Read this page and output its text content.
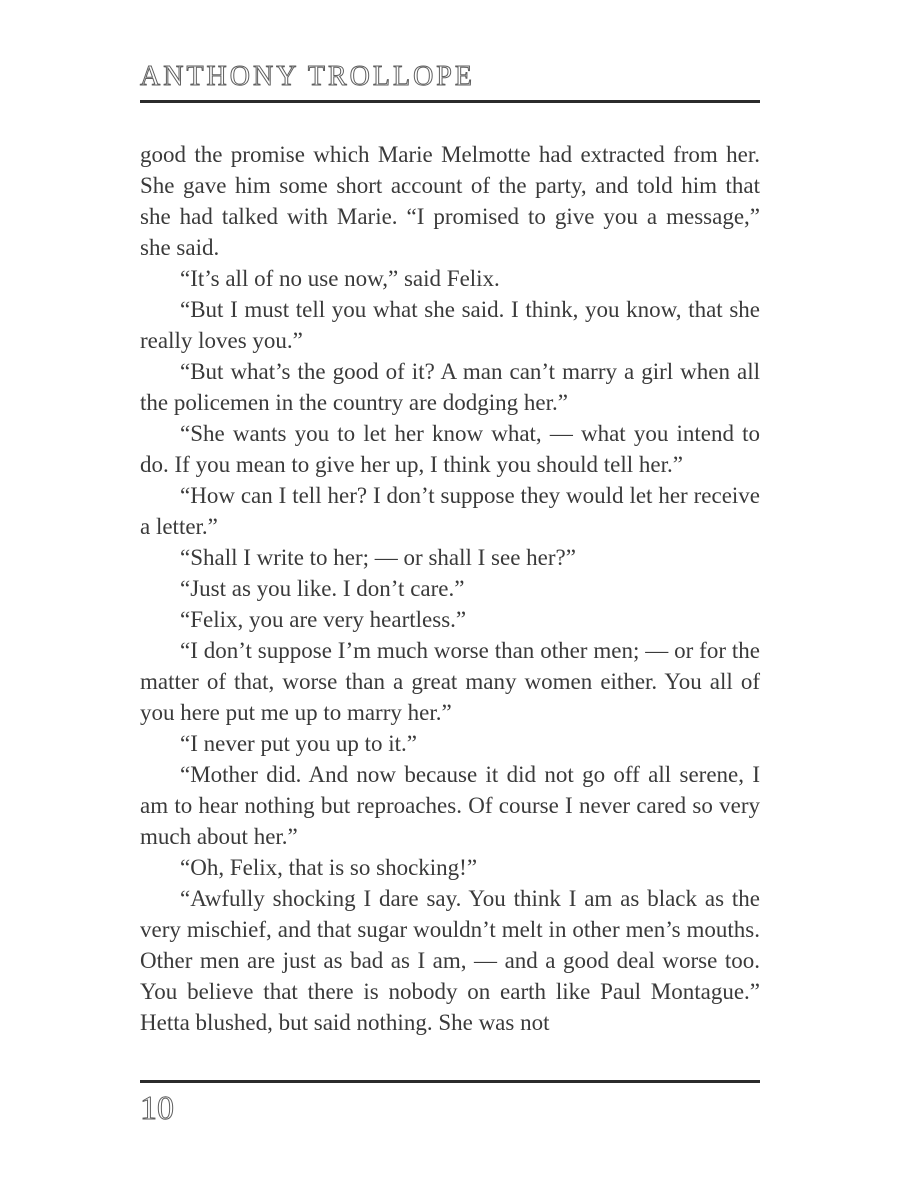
ANTHONY TROLLOPE

good the promise which Marie Melmotte had extracted from her. She gave him some short account of the party, and told him that she had talked with Marie. “I promised to give you a message,” she said.

“It’s all of no use now,” said Felix.

“But I must tell you what she said. I think, you know, that she really loves you.”

“But what’s the good of it? A man can’t marry a girl when all the policemen in the country are dodging her.”

“She wants you to let her know what, — what you intend to do. If you mean to give her up, I think you should tell her.”

“How can I tell her? I don’t suppose they would let her receive a letter.”

“Shall I write to her; — or shall I see her?”

“Just as you like. I don’t care.”

“Felix, you are very heartless.”

“I don’t suppose I’m much worse than other men; — or for the matter of that, worse than a great many women either. You all of you here put me up to marry her.”

“I never put you up to it.”

“Mother did. And now because it did not go off all serene, I am to hear nothing but reproaches. Of course I never cared so very much about her.”

“Oh, Felix, that is so shocking!”

“Awfully shocking I dare say. You think I am as black as the very mischief, and that sugar wouldn’t melt in other men’s mouths. Other men are just as bad as I am, — and a good deal worse too. You believe that there is nobody on earth like Paul Montague.” Hetta blushed, but said nothing. She was not

10
